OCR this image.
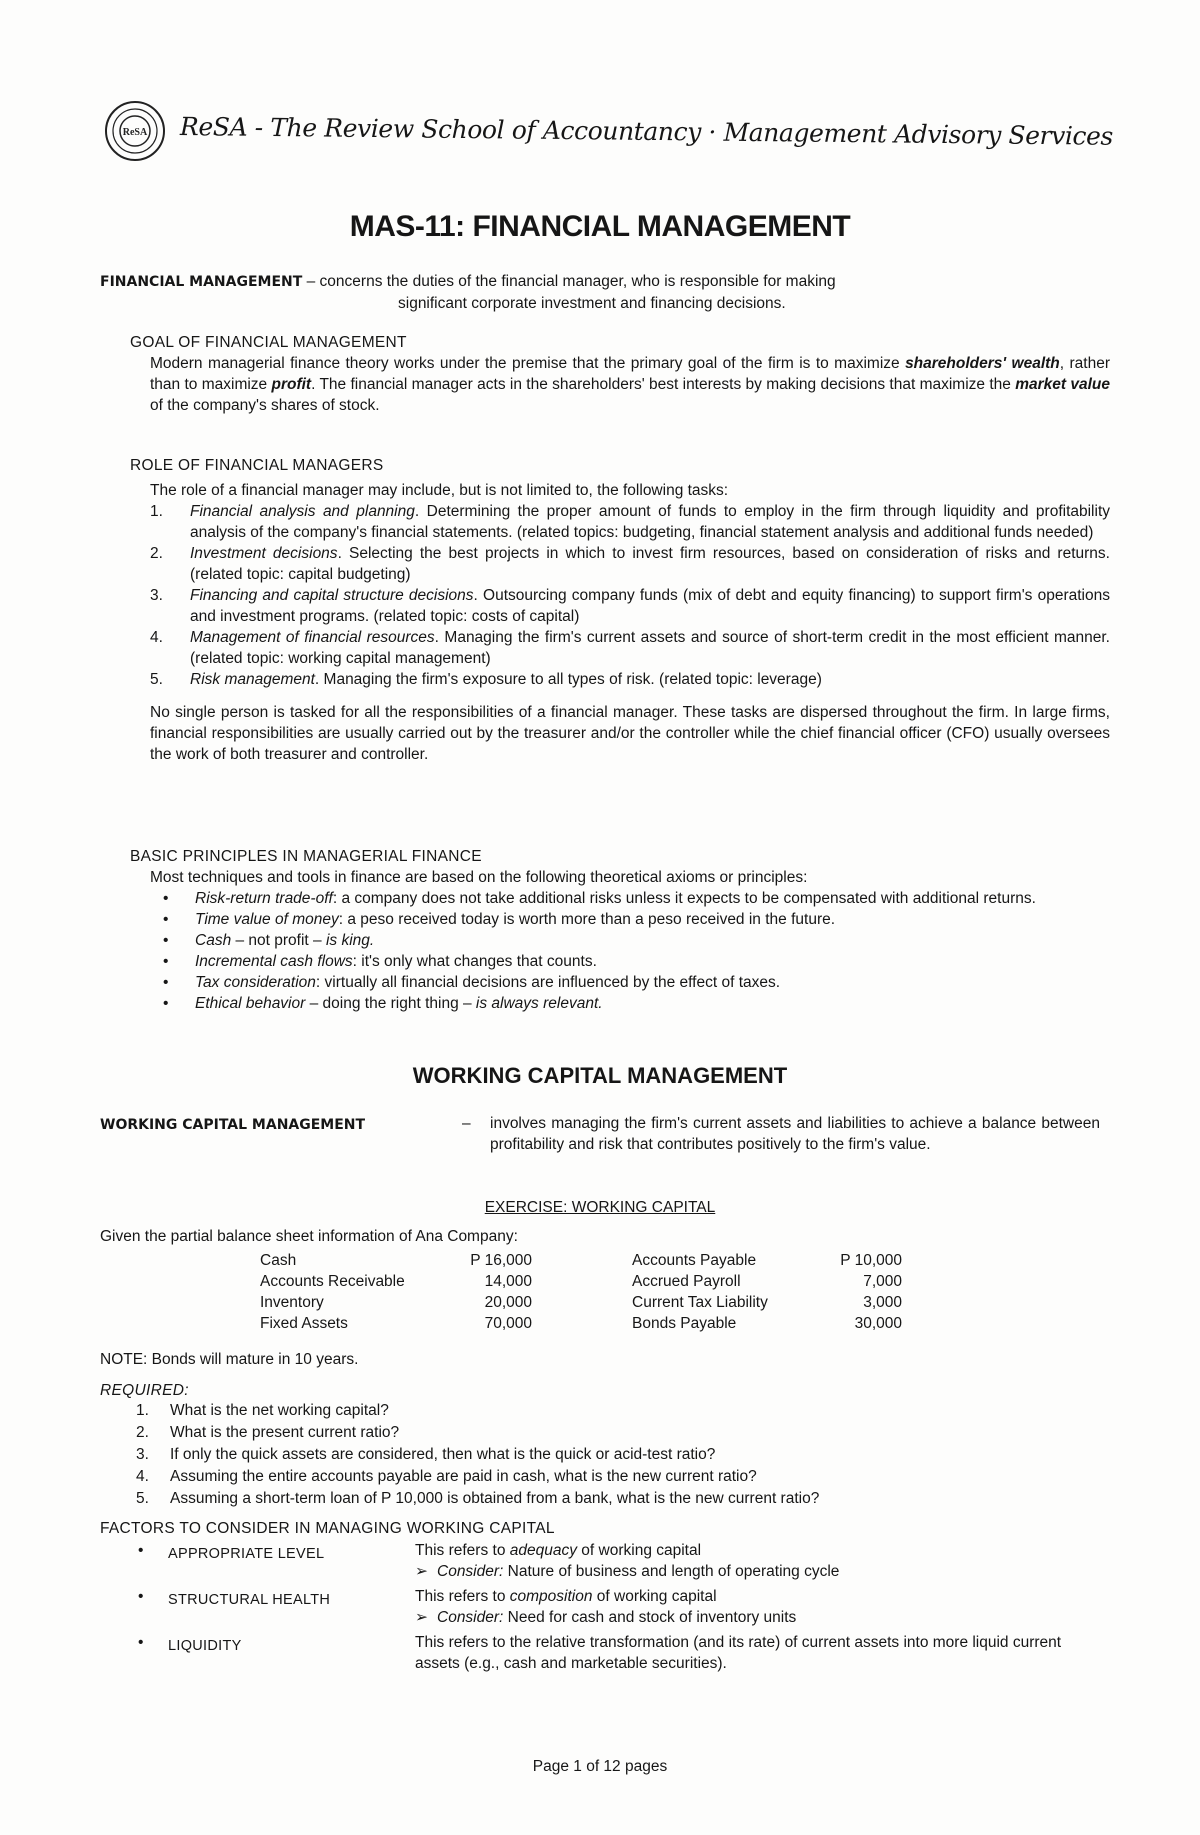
ReSA ReSA - The Review School of Accountancy · Management Advisory Services
MAS-11: FINANCIAL MANAGEMENT
FINANCIAL MANAGEMENT – concerns the duties of the financial manager, who is responsible for making
significant corporate investment and financing decisions.
GOAL OF FINANCIAL MANAGEMENT
Modern managerial finance theory works under the premise that the primary goal of the firm is to maximize shareholders' wealth, rather than to maximize profit. The financial manager acts in the shareholders' best interests by making decisions that maximize the market value of the company's shares of stock.
ROLE OF FINANCIAL MANAGERS
The role of a financial manager may include, but is not limited to, the following tasks:
1. Financial analysis and planning. Determining the proper amount of funds to employ in the firm through liquidity and profitability analysis of the company's financial statements. (related topics: budgeting, financial statement analysis and additional funds needed)
2. Investment decisions. Selecting the best projects in which to invest firm resources, based on consideration of risks and returns. (related topic: capital budgeting)
3. Financing and capital structure decisions. Outsourcing company funds (mix of debt and equity financing) to support firm's operations and investment programs. (related topic: costs of capital)
4. Management of financial resources. Managing the firm's current assets and source of short-term credit in the most efficient manner. (related topic: working capital management)
5. Risk management. Managing the firm's exposure to all types of risk. (related topic: leverage)
No single person is tasked for all the responsibilities of a financial manager. These tasks are dispersed throughout the firm. In large firms, financial responsibilities are usually carried out by the treasurer and/or the controller while the chief financial officer (CFO) usually oversees the work of both treasurer and controller.
BASIC PRINCIPLES IN MANAGERIAL FINANCE
Most techniques and tools in finance are based on the following theoretical axioms or principles:
• Risk-return trade-off: a company does not take additional risks unless it expects to be compensated with additional returns.
• Time value of money: a peso received today is worth more than a peso received in the future.
• Cash – not profit – is king.
• Incremental cash flows: it's only what changes that counts.
• Tax consideration: virtually all financial decisions are influenced by the effect of taxes.
• Ethical behavior – doing the right thing – is always relevant.
WORKING CAPITAL MANAGEMENT
WORKING CAPITAL MANAGEMENT	– involves managing the firm's current assets and liabilities to achieve a balance between profitability and risk that contributes positively to the firm's value.
EXERCISE: WORKING CAPITAL
Given the partial balance sheet information of Ana Company:
Cash	P 16,000		Accounts Payable	P 10,000
Accounts Receivable	14,000		Accrued Payroll	7,000
Inventory	20,000		Current Tax Liability	3,000
Fixed Assets	70,000		Bonds Payable	30,000
NOTE: Bonds will mature in 10 years.
REQUIRED:
1. What is the net working capital?
2. What is the present current ratio?
3. If only the quick assets are considered, then what is the quick or acid-test ratio?
4. Assuming the entire accounts payable are paid in cash, what is the new current ratio?
5. Assuming a short-term loan of P 10,000 is obtained from a bank, what is the new current ratio?
FACTORS TO CONSIDER IN MANAGING WORKING CAPITAL
• APPROPRIATE LEVEL	This refers to adequacy of working capital
➢ Consider: Nature of business and length of operating cycle
• STRUCTURAL HEALTH	This refers to composition of working capital
➢ Consider: Need for cash and stock of inventory units
• LIQUIDITY	This refers to the relative transformation (and its rate) of current assets into more liquid current assets (e.g., cash and marketable securities).
Page 1 of 12 pages
